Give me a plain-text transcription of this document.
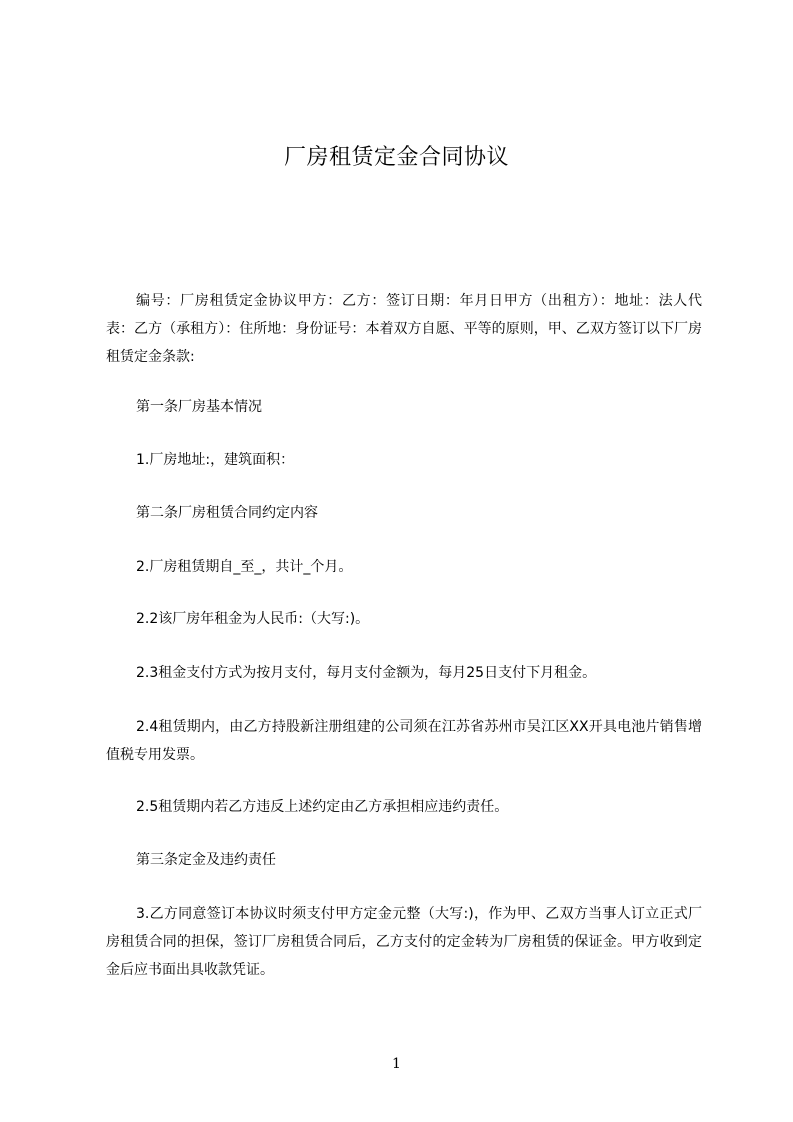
厂房租赁定金合同协议

编号：厂房租赁定金协议甲方：乙方：签订日期：年月日甲方（出租方）：地址：法人代表：乙方（承租方）：住所地：身份证号：本着双方自愿、平等的原则，甲、乙双方签订以下厂房租赁定金条款:

第一条厂房基本情况

1.厂房地址:，建筑面积：

第二条厂房租赁合同约定内容

2.厂房租赁期自_至_，共计_个月。

2.2该厂房年租金为人民币:（大写:)。

2.3租金支付方式为按月支付，每月支付金额为，每月25日支付下月租金。

2.4租赁期内，由乙方持股新注册组建的公司须在江苏省苏州市吴江区XX开具电池片销售增值税专用发票。

2.5租赁期内若乙方违反上述约定由乙方承担相应违约责任。

第三条定金及违约责任

3.乙方同意签订本协议时须支付甲方定金元整（大写:)，作为甲、乙双方当事人订立正式厂房租赁合同的担保，签订厂房租赁合同后，乙方支付的定金转为厂房租赁的保证金。甲方收到定金后应书面出具收款凭证。

1
